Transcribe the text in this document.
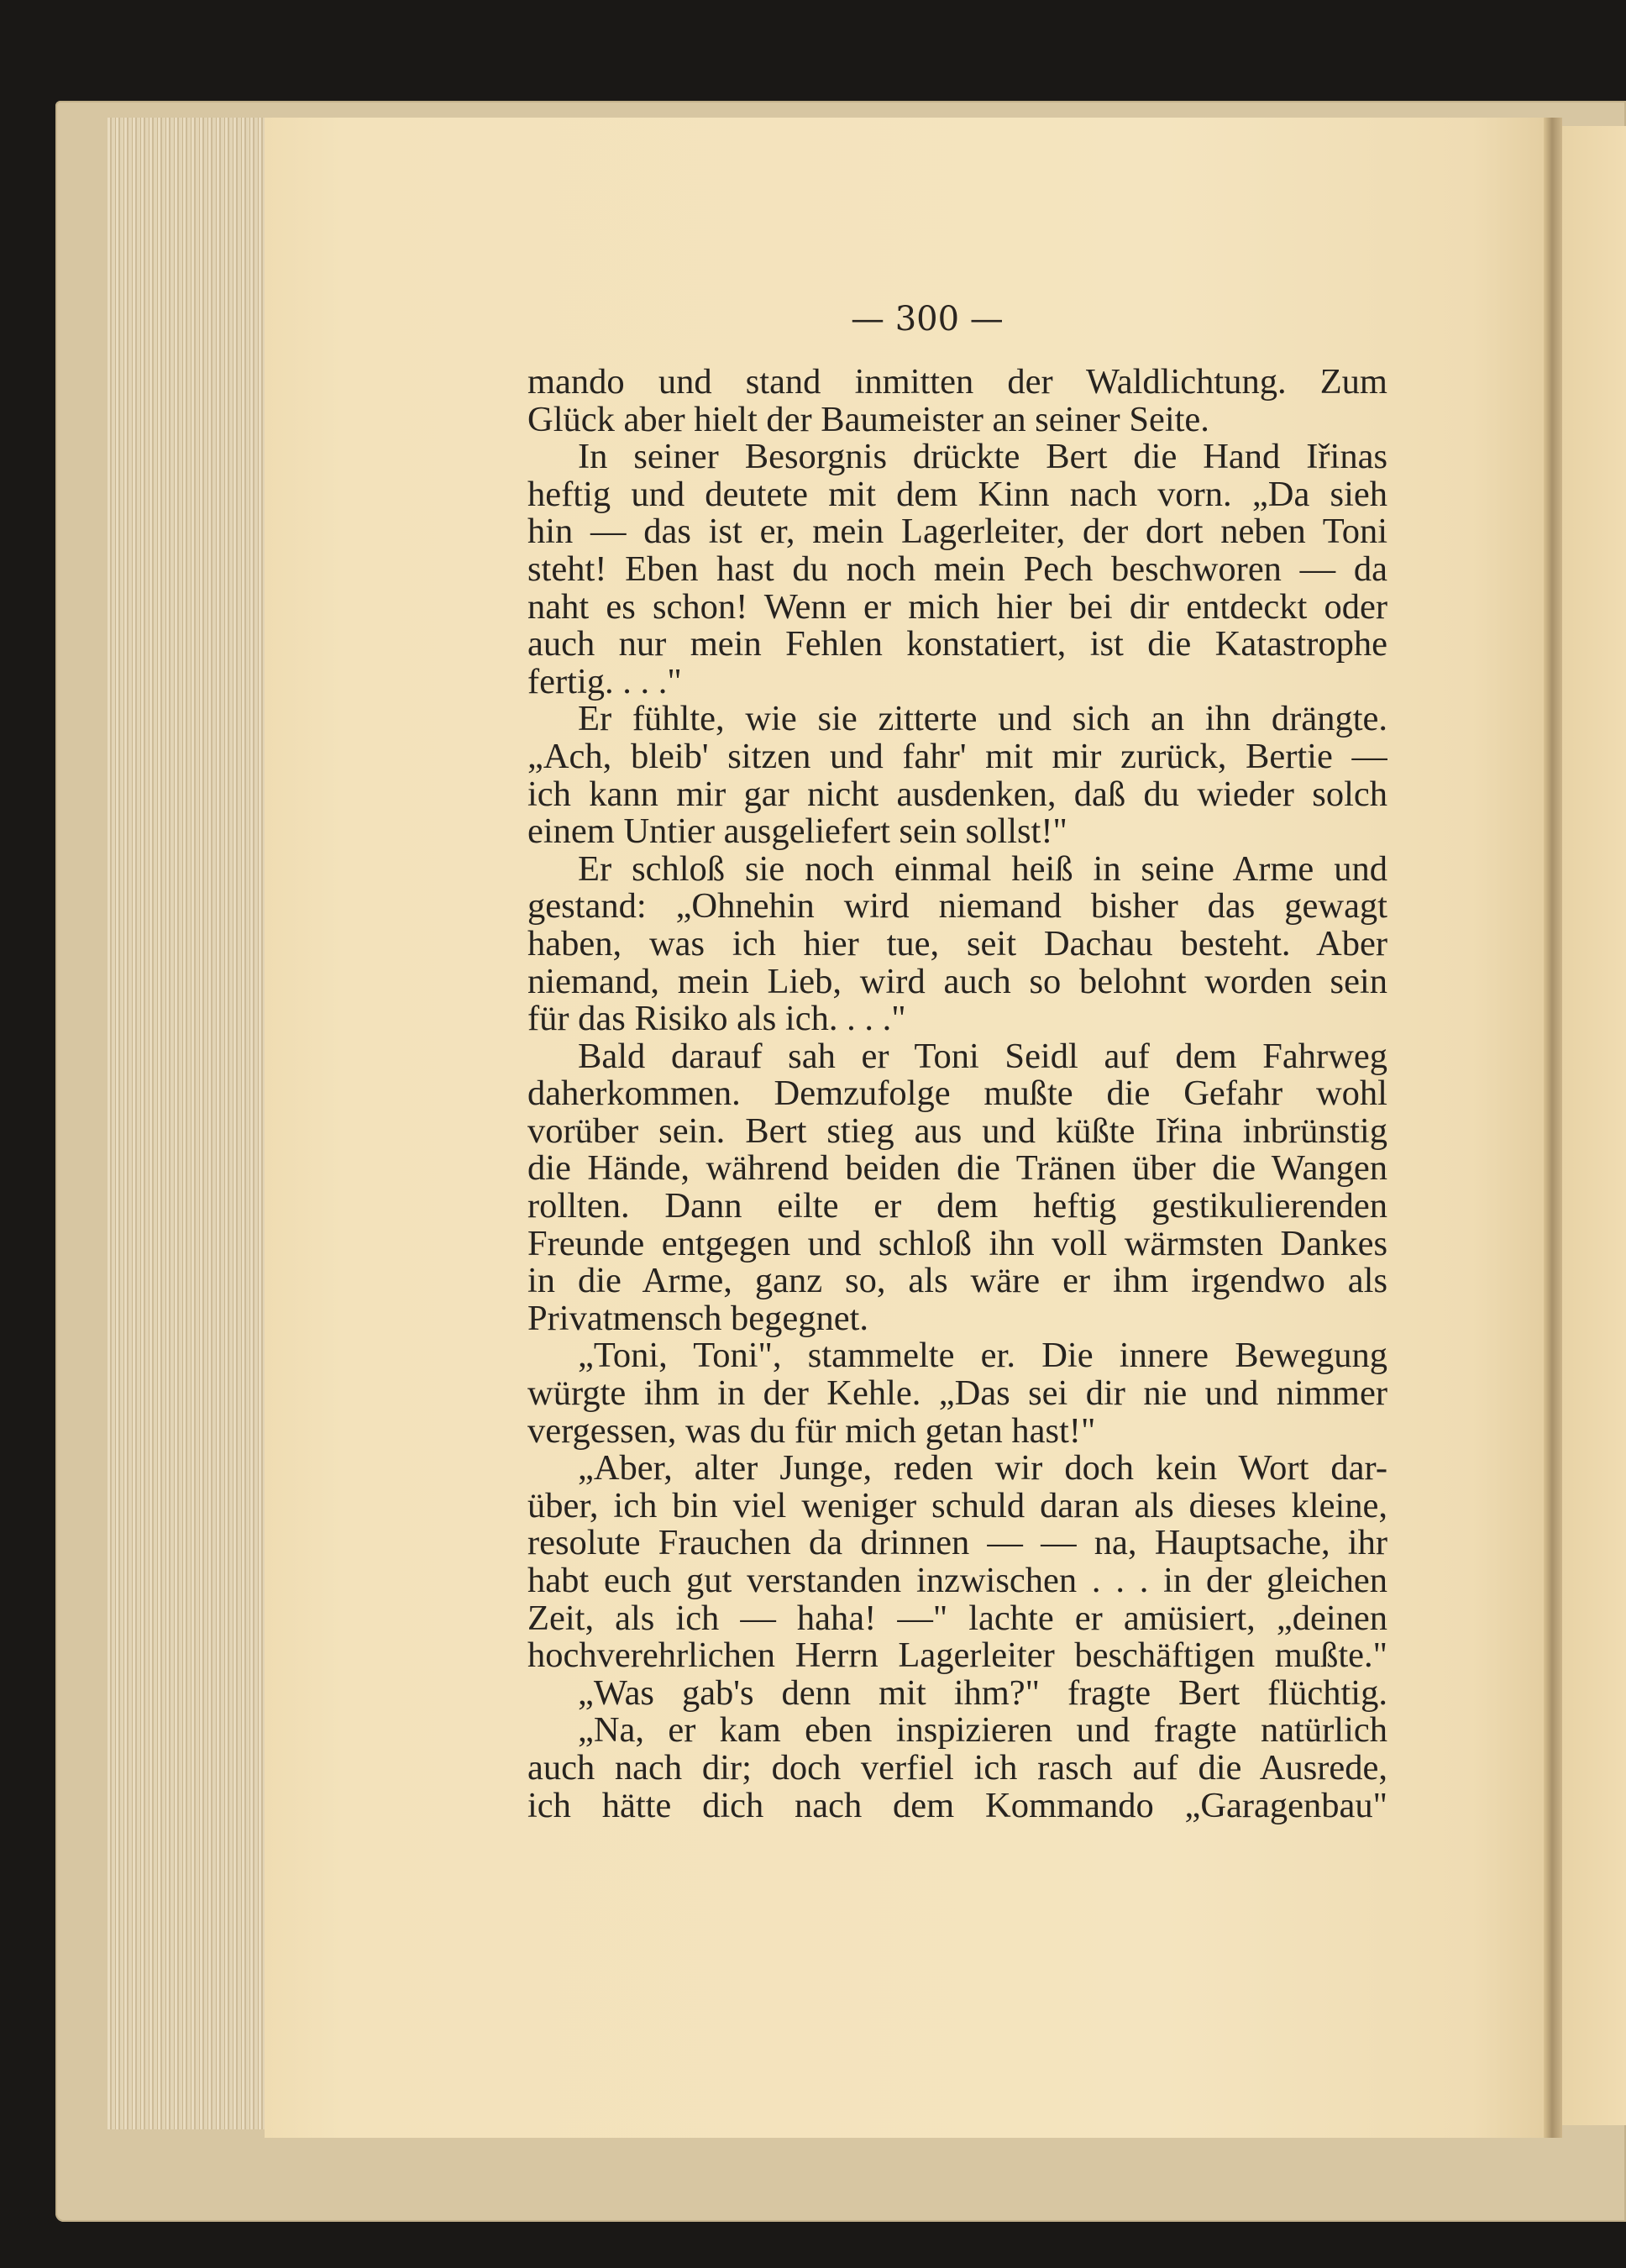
— 300 —
mando und stand inmitten der Waldlichtung. Zum
Glück aber hielt der Baumeister an seiner Seite.
In seiner Besorgnis drückte Bert die Hand Iřinas
heftig und deutete mit dem Kinn nach vorn. „Da sieh
hin — das ist er, mein Lagerleiter, der dort neben Toni
steht! Eben hast du noch mein Pech beschworen — da
naht es schon! Wenn er mich hier bei dir entdeckt oder
auch nur mein Fehlen konstatiert, ist die Katastrophe
fertig. . . ."
Er fühlte, wie sie zitterte und sich an ihn drängte.
„Ach, bleib' sitzen und fahr' mit mir zurück, Bertie —
ich kann mir gar nicht ausdenken, daß du wieder solch
einem Untier ausgeliefert sein sollst!"
Er schloß sie noch einmal heiß in seine Arme und
gestand: „Ohnehin wird niemand bisher das gewagt
haben, was ich hier tue, seit Dachau besteht. Aber
niemand, mein Lieb, wird auch so belohnt worden sein
für das Risiko als ich. . . ."
Bald darauf sah er Toni Seidl auf dem Fahrweg
daherkommen. Demzufolge mußte die Gefahr wohl
vorüber sein. Bert stieg aus und küßte Iřina inbrünstig
die Hände, während beiden die Tränen über die Wangen
rollten. Dann eilte er dem heftig gestikulierenden
Freunde entgegen und schloß ihn voll wärmsten Dankes
in die Arme, ganz so, als wäre er ihm irgendwo als
Privatmensch begegnet.
„Toni, Toni", stammelte er. Die innere Bewegung
würgte ihm in der Kehle. „Das sei dir nie und nimmer
vergessen, was du für mich getan hast!"
„Aber, alter Junge, reden wir doch kein Wort dar-
über, ich bin viel weniger schuld daran als dieses kleine,
resolute Frauchen da drinnen — — na, Hauptsache, ihr
habt euch gut verstanden inzwischen . . . in der gleichen
Zeit, als ich — haha! —" lachte er amüsiert, „deinen
hochverehrlichen Herrn Lagerleiter beschäftigen mußte."
„Was gab's denn mit ihm?" fragte Bert flüchtig.
„Na, er kam eben inspizieren und fragte natürlich
auch nach dir; doch verfiel ich rasch auf die Ausrede,
ich hätte dich nach dem Kommando „Garagenbau"
